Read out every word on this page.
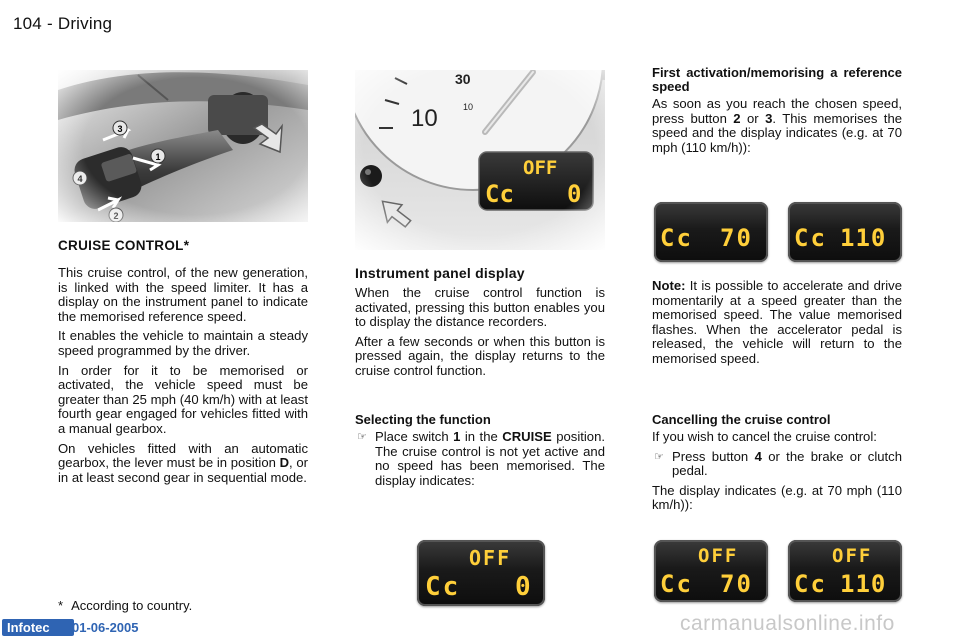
104 - Driving
CRUISE CONTROL*

This cruise control, of the new generation, is linked with the speed limiter. It has a display on the instrument panel to indicate the memorised reference speed.

It enables the vehicle to maintain a steady speed programmed by the driver.

In order for it to be memorised or activated, the vehicle speed must be greater than 25 mph (40 km/h) with at least fourth gear engaged for vehicles fitted with a manual gearbox.

On vehicles fitted with an automatic gearbox, the lever must be in position D, or in at least second gear in sequential mode.

* According to country.
Instrument panel display

When the cruise control function is activated, pressing this button enables you to display the distance recorders.

After a few seconds or when this button is pressed again, the display returns to the cruise control function.

Selecting the function
☞ Place switch 1 in the CRUISE position. The cruise control is not yet active and no speed has been memorised. The display indicates:
OFF
Cc 0
First activation/memorising a reference speed

As soon as you reach the chosen speed, press button 2 or 3. This memorises the speed and the display indicates (e.g. at 70 mph (110 km/h)):

Cc 70 Cc 110

Note: It is possible to accelerate and drive momentarily at a speed greater than the memorised speed. The value memorised flashes. When the accelerator pedal is released, the vehicle will return to the memorised speed.

Cancelling the cruise control

If you wish to cancel the cruise control:

☞ Press button 4 or the brake or clutch pedal.

The display indicates (e.g. at 70 mph (110 km/h)):

OFF
Cc 70
OFF
Cc 110
Infotec	01-06-2005	carmanualsonline.info
